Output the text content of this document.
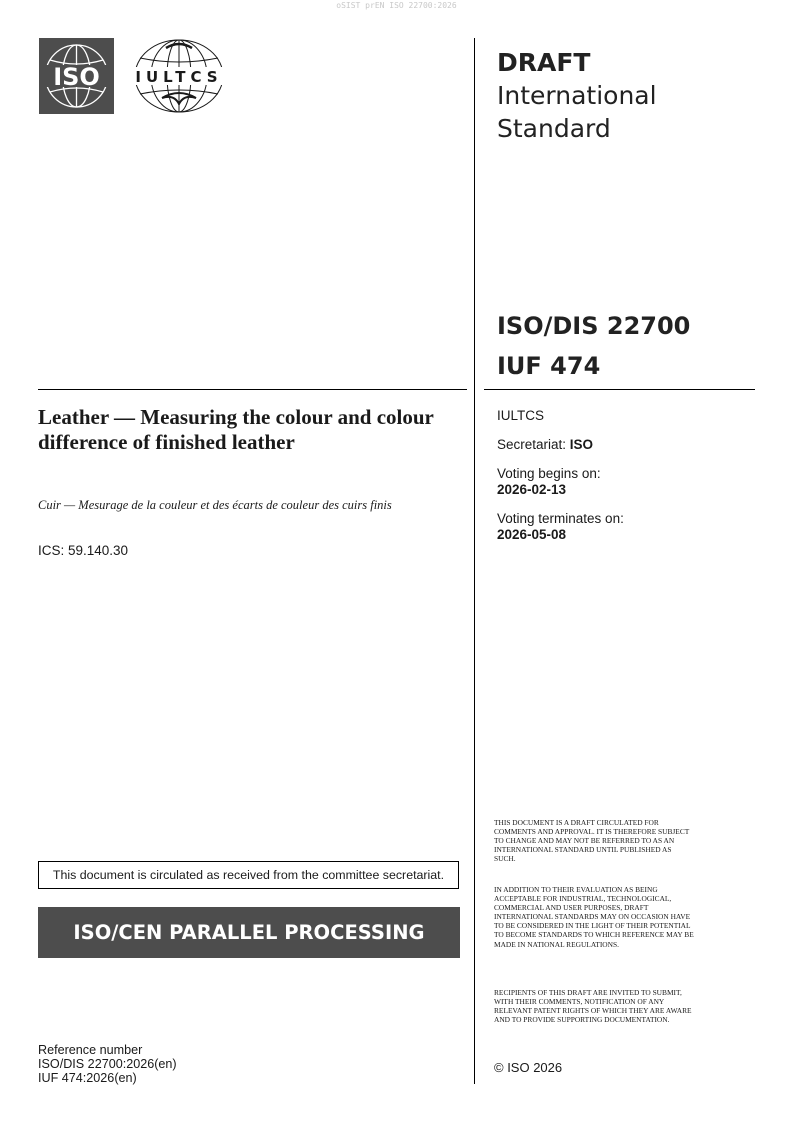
oSIST prEN ISO 22700:2026
ISO IULTCS	DRAFT
International
Standard
ISO/DIS 22700
IUF 474
Leather — Measuring the colour and colour difference of finished leather
Cuir — Mesurage de la couleur et des écarts de couleur des cuirs finis
ICS: 59.140.30
IULTCS
Secretariat: ISO
Voting begins on:
2026-02-13
Voting terminates on:
2026-05-08
THIS DOCUMENT IS A DRAFT CIRCULATED FOR COMMENTS AND APPROVAL. IT IS THEREFORE SUBJECT TO CHANGE AND MAY NOT BE REFERRED TO AS AN INTERNATIONAL STANDARD UNTIL PUBLISHED AS SUCH.
IN ADDITION TO THEIR EVALUATION AS BEING ACCEPTABLE FOR INDUSTRIAL, TECHNOLOGICAL, COMMERCIAL AND USER PURPOSES, DRAFT INTERNATIONAL STANDARDS MAY ON OCCASION HAVE TO BE CONSIDERED IN THE LIGHT OF THEIR POTENTIAL TO BECOME STANDARDS TO WHICH REFERENCE MAY BE MADE IN NATIONAL REGULATIONS.
RECIPIENTS OF THIS DRAFT ARE INVITED TO SUBMIT, WITH THEIR COMMENTS, NOTIFICATION OF ANY RELEVANT PATENT RIGHTS OF WHICH THEY ARE AWARE AND TO PROVIDE SUPPORTING DOCUMENTATION.
This document is circulated as received from the committee secretariat.
ISO/CEN PARALLEL PROCESSING
Reference number
ISO/DIS 22700:2026(en)
IUF 474:2026(en)
© ISO 2026
